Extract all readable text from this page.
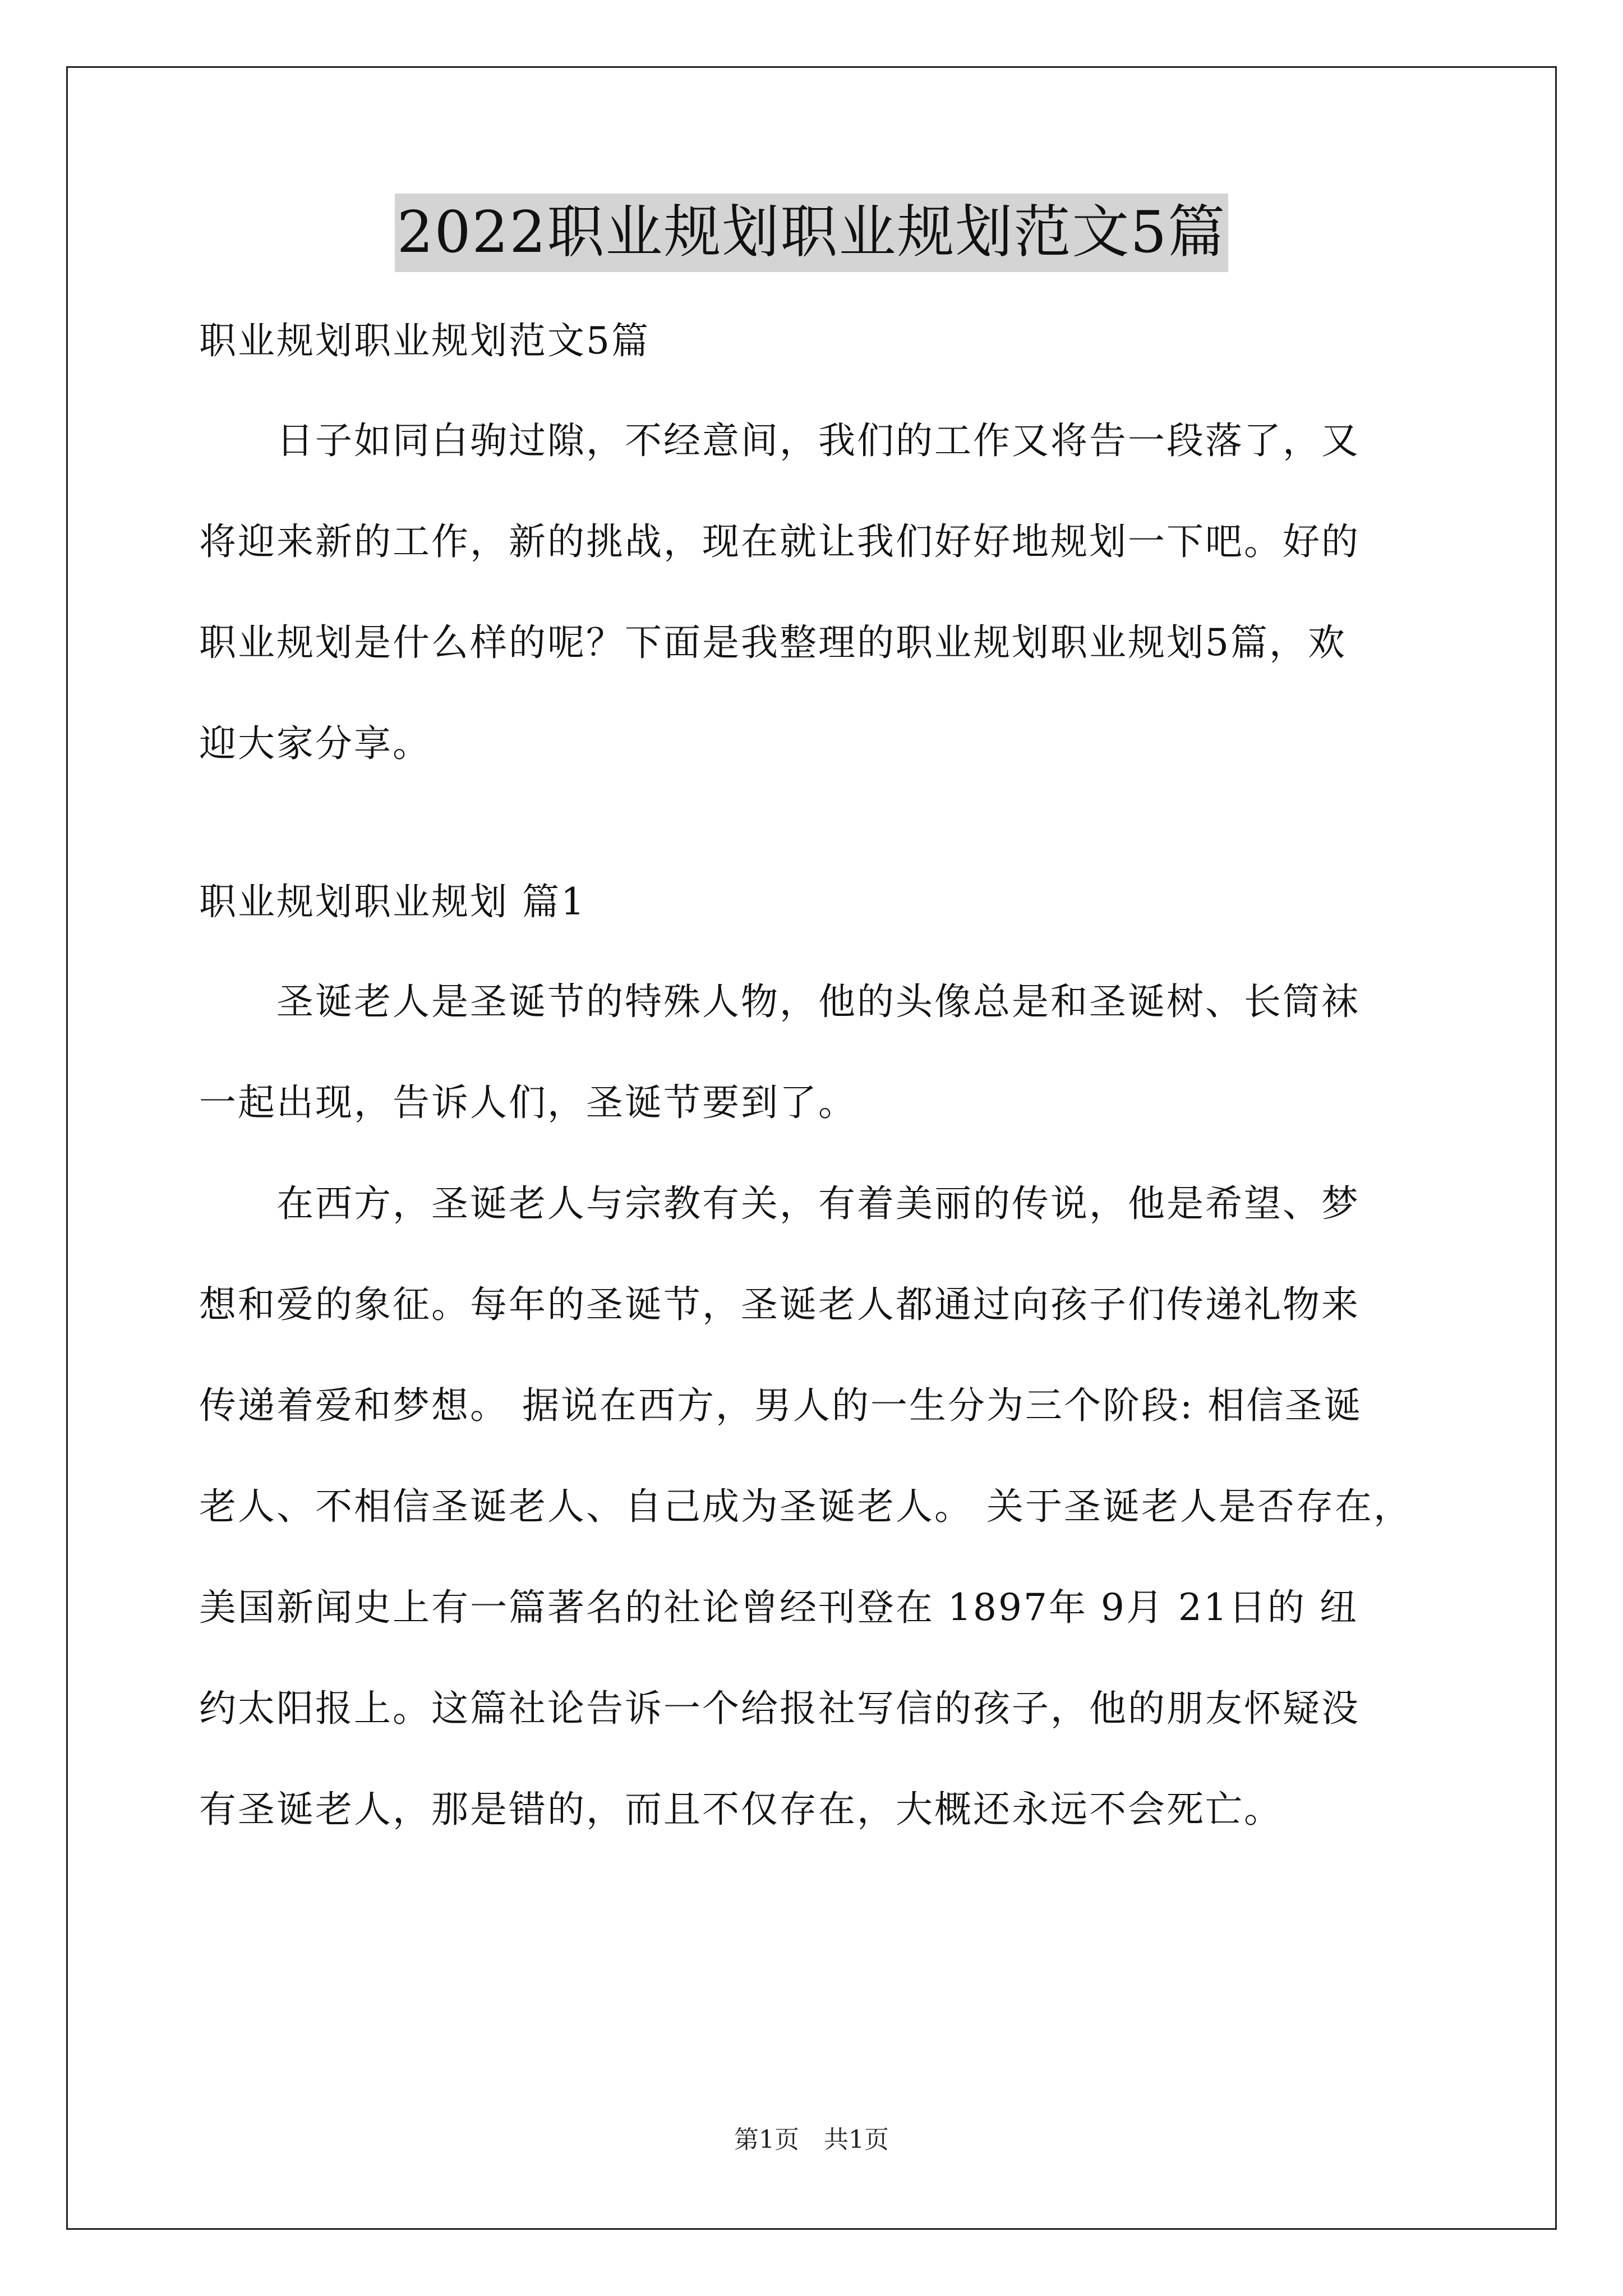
2022职业规划职业规划范文5篇
职业规划职业规划范文5篇
　　日子如同白驹过隙，不经意间，我们的工作又将告一段落了，又
将迎来新的工作，新的挑战，现在就让我们好好地规划一下吧。好的
职业规划是什么样的呢？下面是我整理的职业规划职业规划5篇，欢
迎大家分享。
职业规划职业规划 篇1
　　圣诞老人是圣诞节的特殊人物，他的头像总是和圣诞树、长筒袜
一起出现，告诉人们，圣诞节要到了。
　　在西方，圣诞老人与宗教有关，有着美丽的传说，他是希望、梦
想和爱的象征。每年的圣诞节，圣诞老人都通过向孩子们传递礼物来
传递着爱和梦想。 据说在西方，男人的一生分为三个阶段: 相信圣诞
老人、不相信圣诞老人、自己成为圣诞老人。 关于圣诞老人是否存在，
美国新闻史上有一篇著名的社论曾经刊登在 1897年 9月 21日的 纽
约太阳报上。这篇社论告诉一个给报社写信的孩子，他的朋友怀疑没
有圣诞老人，那是错的，而且不仅存在，大概还永远不会死亡。
第1页　共1页
